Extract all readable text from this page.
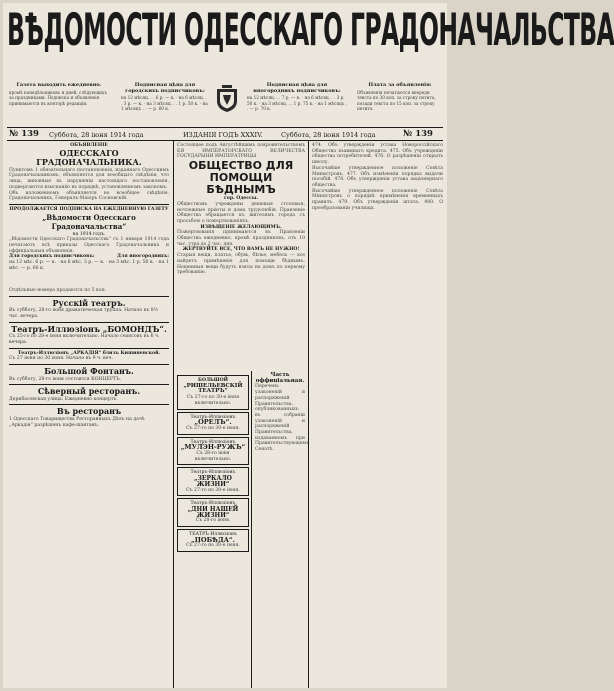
ВѢДОМОСТИ ОДЕССКАГО ГРАДОНАЧАЛЬСТВА
Газета выходить ежедневно.
кромѣ понедѣльниковъ и дней, слѣдующихъ за праздниками. Подписка и объявленія принимаются въ конторѣ редакціи.
Подписная цѣна для городскихъ подписчиковъ:
на 12 мѣсяц. . . 6 р. — к. · на 6 мѣсяц. . . 3 р. — к. · на 3 мѣсяц. . . 1 р. 50 к. · на 1 мѣсяцъ . . — р. 60 к.
Подписная цѣна для иногороднихъ подписчиковъ:
на 12 мѣсяц. . . 7 р. — к. · на 6 мѣсяц. . . 3 р. 50 к. · на 3 мѣсяц. . . 1 р. 75 к. · на 1 мѣсяцъ . . — р. 70 к.
Плата за объявленія:
Объявленія печатаются впереди текста по 30 коп. за строку петита, позади текста по 15 коп. за строку петита.
№ 139 Суббота, 28 іюня 1914 года	ИЗДАНІЯ ГОДЪ ХХХІV.	Суббота, 28 іюня 1914 года	№ 139
ОБЪЯВЛЕНІЕ
ОДЕССКАГО ГРАДОНАЧАЛЬНИКА.
Пунктомъ 1 обязательнаго постановленія, изданнаго Одесскимъ Градоначальникомъ, объявляется для всеобщаго свѣдѣнія, что лица, виновныя въ нарушеніи настоящаго постановленія, подвергаются взысканію въ порядкѣ, установленномъ закономъ.
Объ изложенномъ объявляется во всеобщее свѣдѣніе. Градоначальникъ, Генералъ-Маіоръ Сосновскій.
ПРОДОЛЖАЕТСЯ ПОДПИСКА НА ЕЖЕДНЕВНУЮ ГАЗЕТУ
„Вѣдомости Одесскаго Градоначальства“
на 1914 годъ.
„Вѣдомости Одесскаго Градоначальства“ съ 1 января 1914 года печатаютъ всѣ приказы Одесскаго Градоначальника и оффиціальныя объявленія.
Для городскихъ подписчиковъ:	Для иногороднихъ:
на 12 мѣс. 6 р. — к. · на 6 мѣс. 3 р. — к. · на 3 мѣс. 1 р. 50 к. · на 1 мѣс. — р. 60 к.
Отдѣльные номера продаются по 5 коп.
Русскій театръ.
Въ субботу, 28-го іюня драматическая труппа. Начало въ 8½ час. вечера.
Театръ-Иллюзіонъ „БОМОНДЪ“.
Съ 25-го по 28-е іюня включительно. Начало сеансовъ въ 6 ч. вечера.
Театръ-Иллюзіонъ „АРКАДІЯ“ близъ Кишиневской.
Съ 27 іюня по 30 іюня. Начало въ 9 ч. веч.
Большой Фонтанъ.
Въ субботу, 28-го іюня состоится КОНЦЕРТЪ.
Сѣверный ресторанъ.
Дерибасовская улица. Ежедневно концертъ.
Въ ресторанъ
1 Одесскаго Товарищества Ресторанныхъ Дѣлъ на дачѣ „Аркадія“ разрѣшенъ кафе-шантанъ.
Состоящее подъ Августѣйшимъ покровительствомъ ЕЯ ИМПЕРАТОРСКАГО ВЕЛИЧЕСТВА ГОСУДАРЫНИ ИМПЕРАТРИЦЫ
ОБЩЕСТВО ДЛЯ ПОМОЩИ БѢДНЫМЪ
гор. Одессы.
Обществомъ учреждены дешевыя столовыя, ночлежные пріюты и дома трудолюбія. Правленіе Общества обращается къ жителямъ города съ просьбою о пожертвованіяхъ.
ИЗВѢЩЕНІЕ ЖЕЛАЮЩИМЪ.
Пожертвованія принимаются въ Правленіи Общества ежедневно, кромѣ праздниковъ, отъ 10 час. утра до 2 час. дня.
ЖЕРТВУЙТЕ ВСЕ, ЧТО ВАМЪ НЕ НУЖНО!
Старыя вещи, платье, обувь, бѣлье, мебель — все найдетъ примѣненіе для помощи бѣднымъ. Ношенныя вещи будутъ взяты на домъ по первому требованію.
БОЛЬШОЙ
„РИШЕЛЬЕВСКІЙ ТЕАТРЪ“
Съ 27-го по 30-е іюня включительно.
Театръ-Иллюзіонъ
„ОРЕЛЪ“.
Съ 27-го по 30-е іюня.
Театръ-Иллюзіонъ
„МУЛЭН-РУЖЪ“
Съ 28-го іюня включительно.
Театръ-Иллюзіонъ
„ЗЕРКАЛО ЖИЗНИ“
Съ 27-го по 30-е іюня.
Театръ-Иллюзіонъ
„ДНИ НАШЕЙ ЖИЗНИ“
Съ 28-го іюня.
ТЕАТРЪ Иллюзіонъ
„ПОБѢДА“.
Съ 27-го по 30-е іюня.
Часть оффиціальная.
Перечень узаконеній и распоряженій Правительства, опубликованныхъ въ собраніи узаконеній и распоряженій Правительства, издаваемомъ при Правительствующемъ Сенатѣ.
474. Объ утвержденіи устава Новороссійскаго Общества взаимнаго кредита. 475. Объ учрежденіи общества потребителей. 476. О разрѣшеніи открыть школу.
Высочайше утвержденное положеніе Совѣта Министровъ. 477. Объ измѣненіи порядка выдачи пособій. 478. Объ утвержденіи устава акціонернаго общества.
Высочайше утвержденное положеніе Совѣта Министровъ о порядкѣ примѣненія временныхъ правилъ. 479. Объ утвержденіи штата. 480. О преобразованіи училища.
